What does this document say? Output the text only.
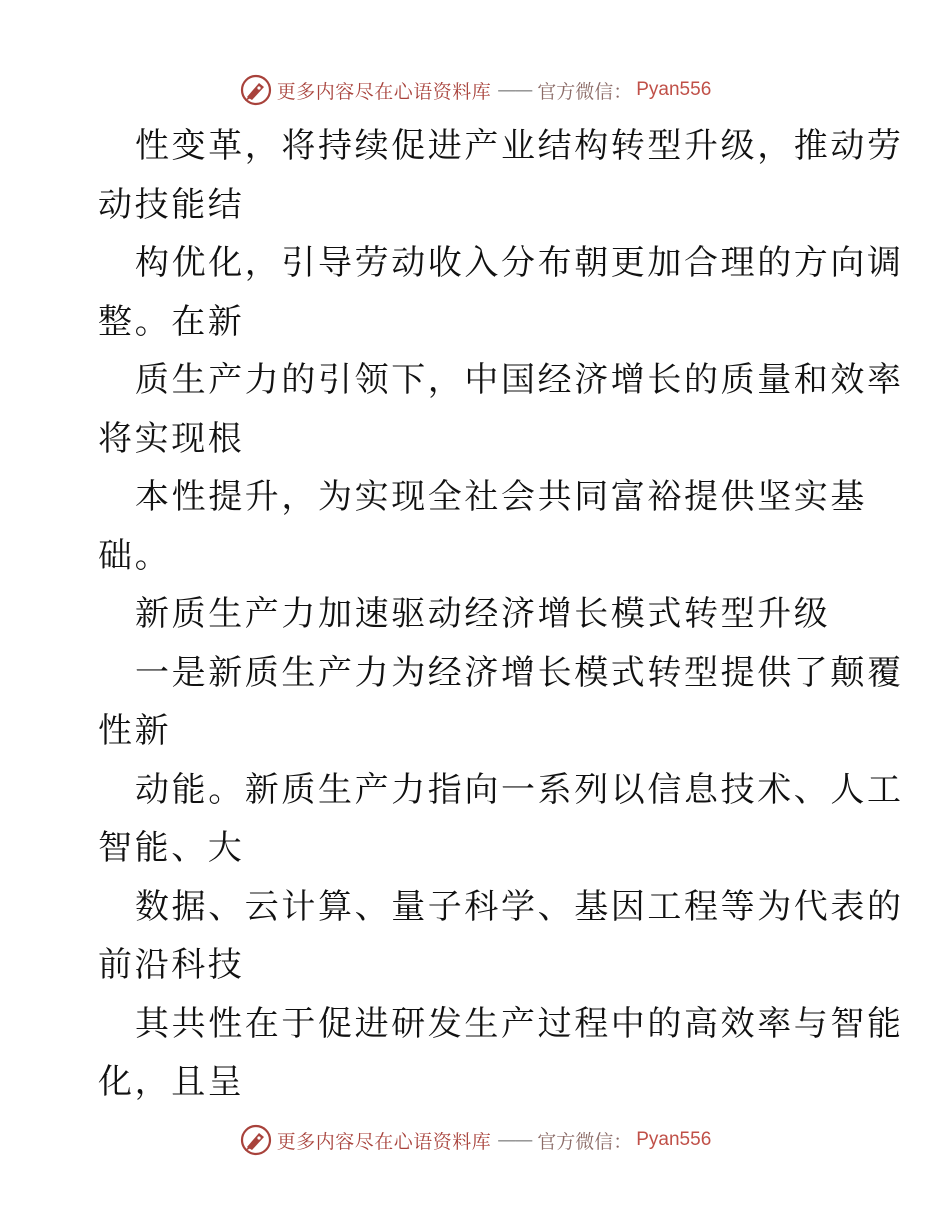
更多内容尽在心语资料库 —— 官方微信： Pyan556
性变革，将持续促进产业结构转型升级，推动劳
动技能结
构优化，引导劳动收入分布朝更加合理的方向调
整。在新
质生产力的引领下，中国经济增长的质量和效率
将实现根
本性提升，为实现全社会共同富裕提供坚实基
础。
新质生产力加速驱动经济增长模式转型升级
一是新质生产力为经济增长模式转型提供了颠覆
性新
动能。新质生产力指向一系列以信息技术、人工
智能、大
数据、云计算、量子科学、基因工程等为代表的
前沿科技
其共性在于促进研发生产过程中的高效率与智能
化，且呈
更多内容尽在心语资料库 —— 官方微信： Pyan556
